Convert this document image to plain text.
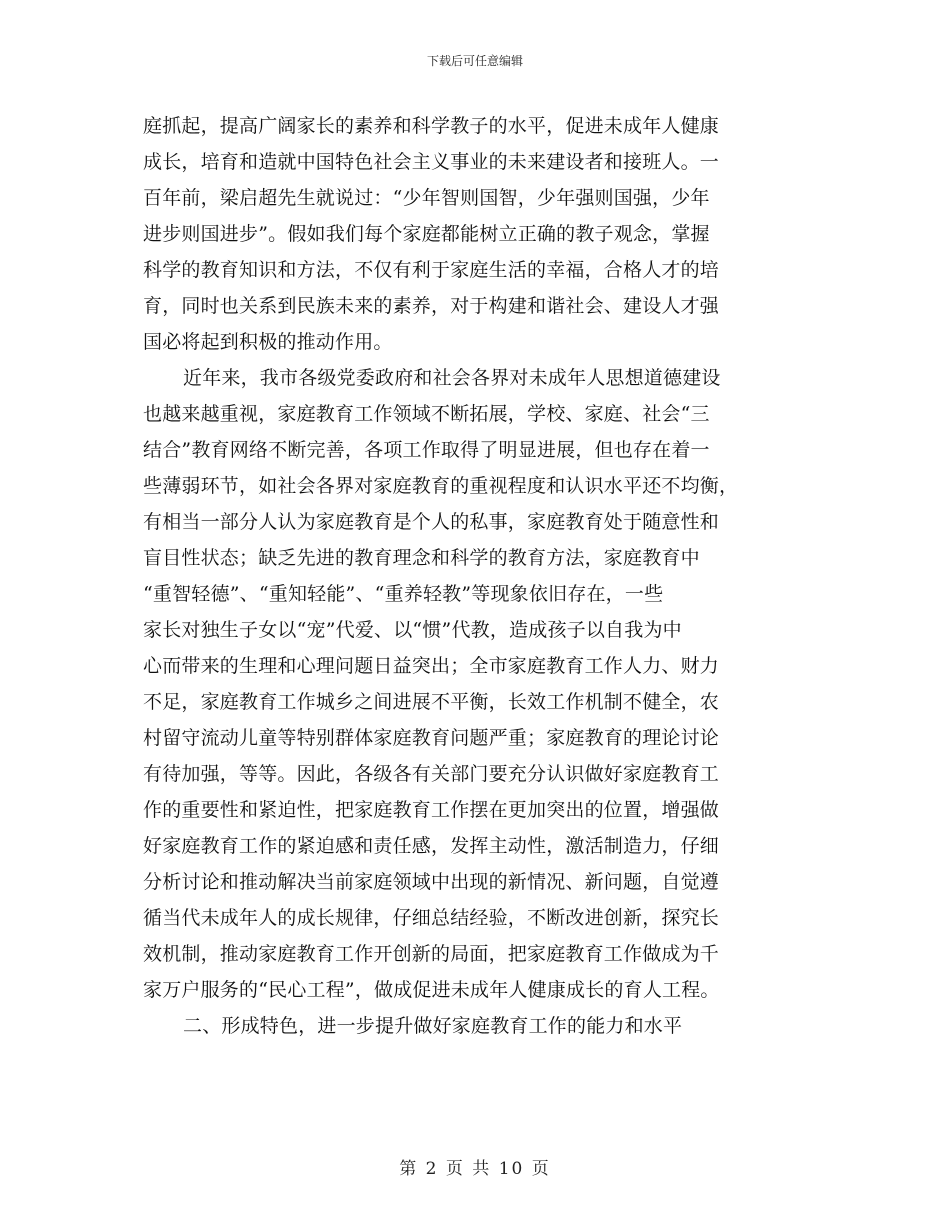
下载后可任意编辑
庭抓起，提高广阔家长的素养和科学教子的水平，促进未成年人健康
成长，培育和造就中国特色社会主义事业的未来建设者和接班人。一
百年前，梁启超先生就说过：“少年智则国智，少年强则国强，少年
进步则国进步”。假如我们每个家庭都能树立正确的教子观念，掌握
科学的教育知识和方法，不仅有利于家庭生活的幸福，合格人才的培
育，同时也关系到民族未来的素养，对于构建和谐社会、建设人才强
国必将起到积极的推动作用。
近年来，我市各级党委政府和社会各界对未成年人思想道德建设
也越来越重视，家庭教育工作领域不断拓展，学校、家庭、社会“三
结合”教育网络不断完善，各项工作取得了明显进展，但也存在着一
些薄弱环节，如社会各界对家庭教育的重视程度和认识水平还不均衡，
有相当一部分人认为家庭教育是个人的私事，家庭教育处于随意性和
盲目性状态；缺乏先进的教育理念和科学的教育方法，家庭教育中
“重智轻德”、“重知轻能”、“重养轻教”等现象依旧存在，一些
家长对独生子女以“宠”代爱、以“惯”代教，造成孩子以自我为中
心而带来的生理和心理问题日益突出；全市家庭教育工作人力、财力
不足，家庭教育工作城乡之间进展不平衡，长效工作机制不健全，农
村留守流动儿童等特别群体家庭教育问题严重；家庭教育的理论讨论
有待加强，等等。因此，各级各有关部门要充分认识做好家庭教育工
作的重要性和紧迫性，把家庭教育工作摆在更加突出的位置，增强做
好家庭教育工作的紧迫感和责任感，发挥主动性，激活制造力，仔细
分析讨论和推动解决当前家庭领域中出现的新情况、新问题，自觉遵
循当代未成年人的成长规律，仔细总结经验，不断改进创新，探究长
效机制，推动家庭教育工作开创新的局面，把家庭教育工作做成为千
家万户服务的“民心工程”，做成促进未成年人健康成长的育人工程。
二、形成特色，进一步提升做好家庭教育工作的能力和水平
第 2 页 共 10 页
